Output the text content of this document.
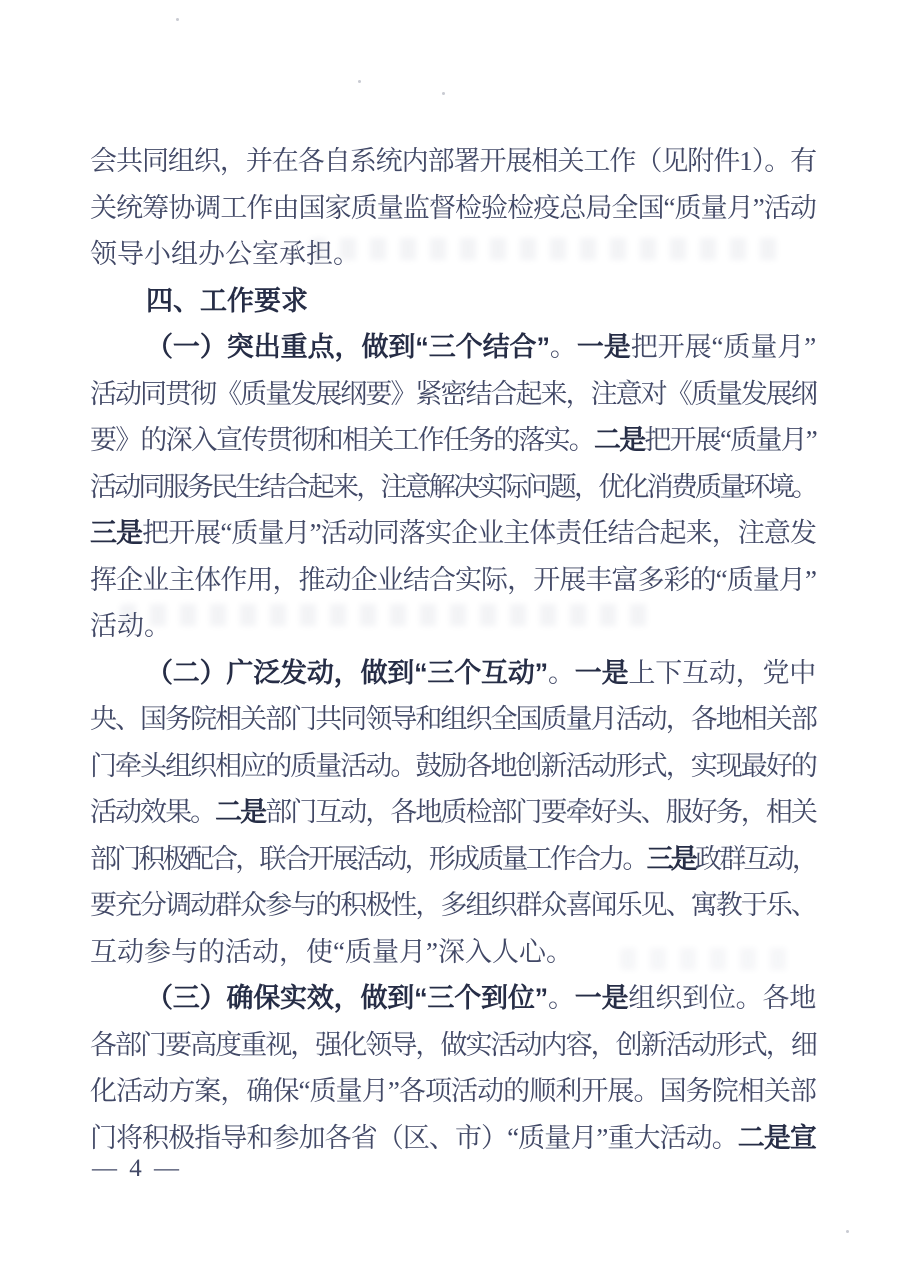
会共同组织，并在各自系统内部署开展相关工作（见附件1）。有
关统筹协调工作由国家质量监督检验检疫总局全国“质量月”活动
领导小组办公室承担。
四、工作要求
（一）突出重点，做到“三个结合”。一是把开展“质量月”
活动同贯彻《质量发展纲要》紧密结合起来，注意对《质量发展纲
要》的深入宣传贯彻和相关工作任务的落实。二是把开展“质量月”
活动同服务民生结合起来，注意解决实际问题，优化消费质量环境。
三是把开展“质量月”活动同落实企业主体责任结合起来，注意发
挥企业主体作用，推动企业结合实际，开展丰富多彩的“质量月”
活动。
（二）广泛发动，做到“三个互动”。一是上下互动，党中
央、国务院相关部门共同领导和组织全国质量月活动，各地相关部
门牵头组织相应的质量活动。鼓励各地创新活动形式，实现最好的
活动效果。二是部门互动，各地质检部门要牵好头、服好务，相关
部门积极配合，联合开展活动，形成质量工作合力。三是政群互动，
要充分调动群众参与的积极性，多组织群众喜闻乐见、寓教于乐、
互动参与的活动，使“质量月”深入人心。
（三）确保实效，做到“三个到位”。一是组织到位。各地
各部门要高度重视，强化领导，做实活动内容，创新活动形式，细
化活动方案，确保“质量月”各项活动的顺利开展。国务院相关部
门将积极指导和参加各省（区、市）“质量月”重大活动。二是宣
— 4 —
